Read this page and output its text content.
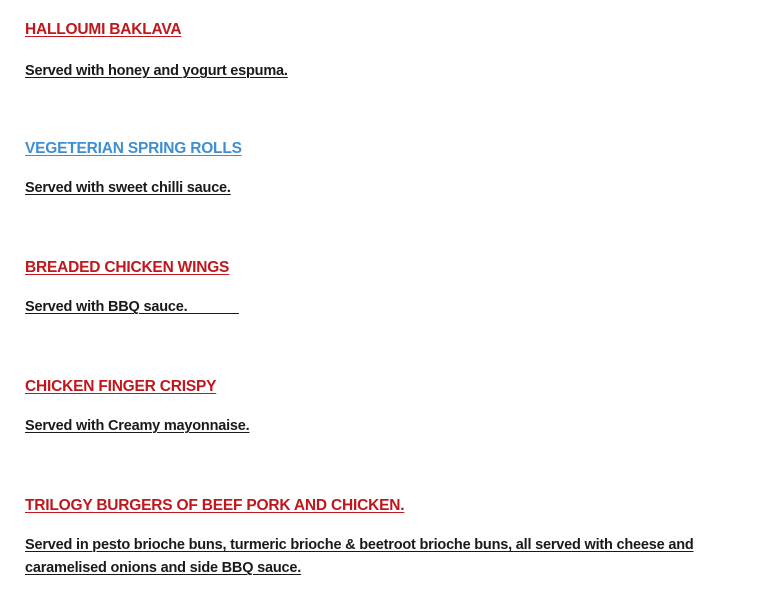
HALLOUMI BAKLAVA

Served with honey and yogurt espuma.

VEGETERIAN SPRING ROLLS

Served with sweet chilli sauce.

BREADED CHICKEN WINGS

Served with BBQ sauce.

CHICKEN FINGER CRISPY

Served with Creamy mayonnaise.

TRILOGY BURGERS OF BEEF PORK AND CHICKEN.

Served in pesto brioche buns, turmeric brioche & beetroot brioche buns, all served with cheese and caramelised onions and side BBQ sauce.
